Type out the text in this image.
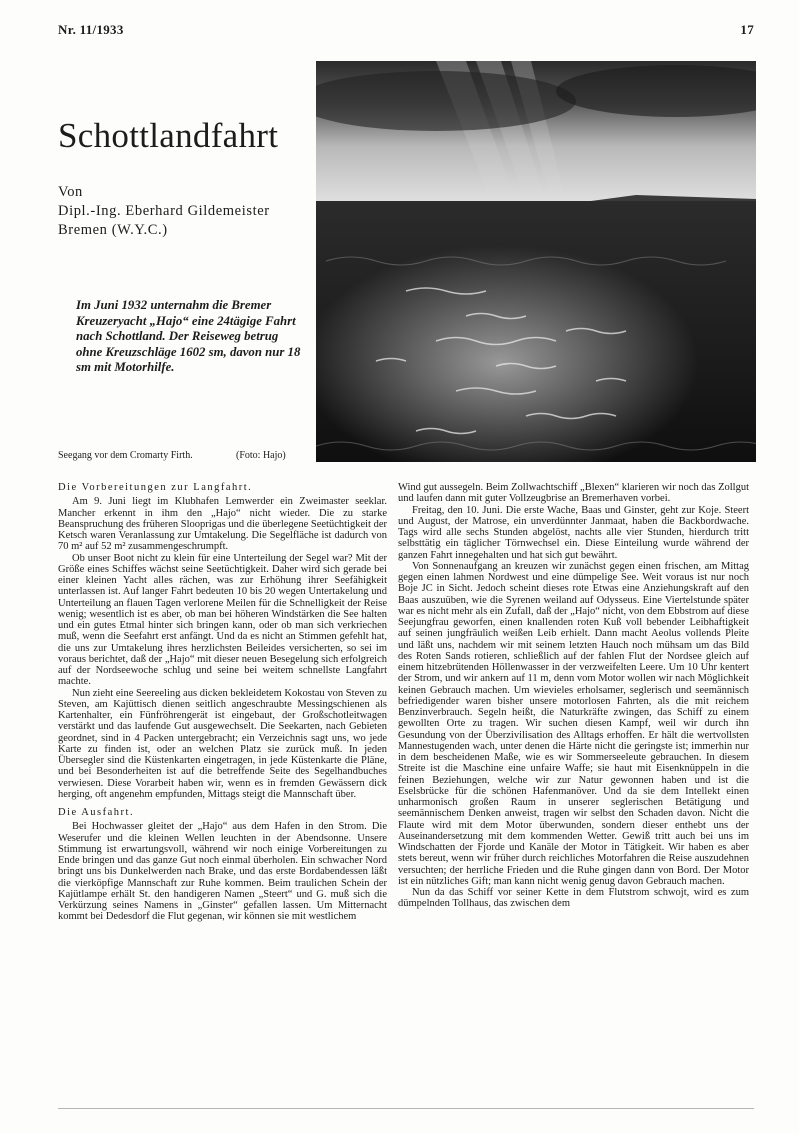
Nr. 11/1933	17
Schottlandfahrt
Von
Dipl.-Ing. Eberhard Gildemeister
Bremen (W.Y.C.)
Im Juni 1932 unternahm die Bremer Kreuzeryacht „Hajo“ eine 24tägige Fahrt nach Schottland. Der Reiseweg betrug ohne Kreuzschläge 1602 sm, davon nur 18 sm mit Motorhilfe.
Seegang vor dem Cromarty Firth.	(Foto: Hajo)

Die Vorbereitungen zur Langfahrt.

Am 9. Juni liegt im Klubhafen Lemwerder ein Zweimaster seeklar. Mancher erkennt in ihm den „Hajo“ nicht wieder. Die zu starke Beanspruchung des früheren Slooprigas und die überlegene Seetüchtigkeit der Ketsch waren Veranlassung zur Umtakelung. Die Segelfläche ist dadurch von 70 m² auf 52 m² zusammengeschrumpft.

Ob unser Boot nicht zu klein für eine Unterteilung der Segel war? Mit der Größe eines Schiffes wächst seine Seetüchtigkeit. Daher wird sich gerade bei einer kleinen Yacht alles rächen, was zur Erhöhung ihrer Seefähigkeit unterlassen ist. Auf langer Fahrt bedeuten 10 bis 20 wegen Untertakelung und Unterteilung an flauen Tagen verlorene Meilen für die Schnelligkeit der Reise wenig; wesentlich ist es aber, ob man bei höheren Windstärken die See halten und ein gutes Etmal hinter sich bringen kann, oder ob man sich verkriechen muß, wenn die Seefahrt erst anfängt. Und da es nicht an Stimmen gefehlt hat, die uns zur Umtakelung ihres herzlichsten Beileides versicherten, so sei im voraus berichtet, daß der „Hajo“ mit dieser neuen Besegelung sich erfolgreich auf der Nordseewoche schlug und seine bei weitem schnellste Langfahrt machte.

Nun zieht eine Seereeling aus dicken bekleidetem Kokostau von Steven zu Steven, am Kajüttisch dienen seitlich angeschraubte Messingschienen als Kartenhalter, ein Fünfröhrengerät ist eingebaut, der Großschotleitwagen verstärkt und das laufende Gut ausgewechselt. Die Seekarten, nach Gebieten geordnet, sind in 4 Packen untergebracht; ein Verzeichnis sagt uns, wo jede Karte zu finden ist, oder an welchen Platz sie zurück muß. In jeden Übersegler sind die Küstenkarten eingetragen, in jede Küstenkarte die Pläne, und bei Besonderheiten ist auf die betreffende Seite des Segelhandbuches verwiesen. Diese Vorarbeit haben wir, wenn es in fremden Gewässern dick herging, oft angenehm empfunden, Mittags steigt die Mannschaft über.

Die Ausfahrt.

Bei Hochwasser gleitet der „Hajo“ aus dem Hafen in den Strom. Die Weserufer und die kleinen Wellen leuchten in der Abendsonne. Unsere Stimmung ist erwartungsvoll, während wir noch einige Vorbereitungen zu Ende bringen und das ganze Gut noch einmal überholen. Ein schwacher Nord bringt uns bis Dunkelwerden nach Brake, und das erste Bordabendessen läßt die vierköpfige Mannschaft zur Ruhe kommen. Beim traulichen Schein der Kajütlampe erhält St. den handigeren Namen „Steert“ und G. muß sich die Verkürzung seines Namens in „Ginster“ gefallen lassen. Um Mitternacht kommt bei Dedesdorf die Flut gegenan, wir können sie mit westlichem

Wind gut aussegeln. Beim Zollwachtschiff „Blexen“ klarieren wir noch das Zollgut und laufen dann mit guter Vollzeugbrise an Bremerhaven vorbei.

Freitag, den 10. Juni. Die erste Wache, Baas und Ginster, geht zur Koje. Steert und August, der Matrose, ein unverdünnter Janmaat, haben die Backbordwache. Tags wird alle sechs Stunden abgelöst, nachts alle vier Stunden, hierdurch tritt selbsttätig ein täglicher Törnwechsel ein. Diese Einteilung wurde während der ganzen Fahrt innegehalten und hat sich gut bewährt.

Von Sonnenaufgang an kreuzen wir zunächst gegen einen frischen, am Mittag gegen einen lahmen Nordwest und eine dümpelige See. Weit voraus ist nur noch Boje JC in Sicht. Jedoch scheint dieses rote Etwas eine Anziehungskraft auf den Baas auszuüben, wie die Syrenen weiland auf Odysseus. Eine Viertelstunde später war es nicht mehr als ein Zufall, daß der „Hajo“ nicht, von dem Ebbstrom auf diese Seejungfrau geworfen, einen knallenden roten Kuß voll bebender Leibhaftigkeit auf seinen jungfräulich weißen Leib erhielt. Dann macht Aeolus vollends Pleite und läßt uns, nachdem wir mit seinem letzten Hauch noch mühsam um das Bild des Roten Sands rotieren, schließlich auf der fahlen Flut der Nordsee gleich auf einem hitzebrütenden Höllenwasser in der verzweifelten Leere. Um 10 Uhr kentert der Strom, und wir ankern auf 11 m, denn vom Motor wollen wir nach Möglichkeit keinen Gebrauch machen. Um wievieles erholsamer, seglerisch und seemännisch befriedigender waren bisher unsere motorlosen Fahrten, als die mit reichem Benzinverbrauch. Segeln heißt, die Naturkräfte zwingen, das Schiff zu einem gewollten Orte zu tragen. Wir suchen diesen Kampf, weil wir durch ihn Gesundung von der Überzivilisation des Alltags erhoffen. Er hält die wertvollsten Mannestugenden wach, unter denen die Härte nicht die geringste ist; immerhin nur in dem bescheidenen Maße, wie es wir Sommerseeleute gebrauchen. In diesem Streite ist die Maschine eine unfaire Waffe; sie haut mit Eisenknüppeln in die feinen Beziehungen, welche wir zur Natur gewonnen haben und ist die Eselsbrücke für die schönen Hafenmanöver. Und da sie dem Intellekt einen unharmonisch großen Raum in unserer seglerischen Betätigung und seemännischem Denken anweist, tragen wir selbst den Schaden davon. Nicht die Flaute wird mit dem Motor überwunden, sondern dieser enthebt uns der Auseinandersetzung mit dem kommenden Wetter. Gewiß tritt auch bei uns im Windschatten der Fjorde und Kanäle der Motor in Tätigkeit. Wir haben es aber stets bereut, wenn wir früher durch reichliches Motorfahren die Reise auszudehnen versuchten; der herrliche Frieden und die Ruhe gingen dann von Bord. Der Motor ist ein nützliches Gift; man kann nicht wenig genug davon Gebrauch machen.

Nun da das Schiff vor seiner Kette in dem Flutstrom schwojt, wird es zum dümpelnden Tollhaus, das zwischen dem
